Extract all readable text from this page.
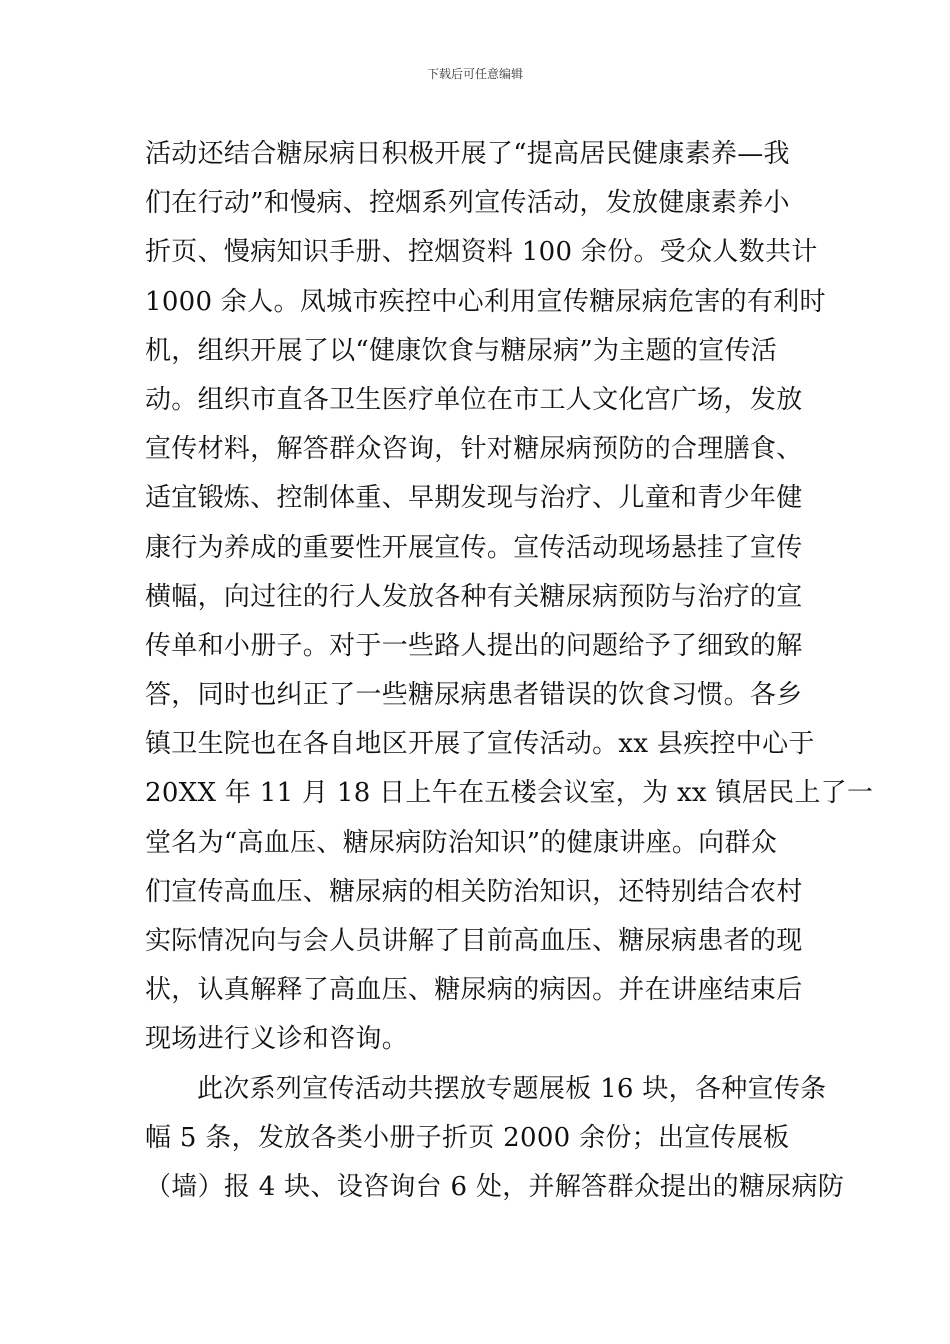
下载后可任意编辑
活动还结合糖尿病日积极开展了“提高居民健康素养—我
们在行动”和慢病、控烟系列宣传活动，发放健康素养小
折页、慢病知识手册、控烟资料 100 余份。受众人数共计
1000 余人。凤城市疾控中心利用宣传糖尿病危害的有利时
机，组织开展了以“健康饮食与糖尿病”为主题的宣传活
动。组织市直各卫生医疗单位在市工人文化宫广场，发放
宣传材料，解答群众咨询，针对糖尿病预防的合理膳食、
适宜锻炼、控制体重、早期发现与治疗、儿童和青少年健
康行为养成的重要性开展宣传。宣传活动现场悬挂了宣传
横幅，向过往的行人发放各种有关糖尿病预防与治疗的宣
传单和小册子。对于一些路人提出的问题给予了细致的解
答，同时也纠正了一些糖尿病患者错误的饮食习惯。各乡
镇卫生院也在各自地区开展了宣传活动。xx 县疾控中心于
20XX 年 11 月 18 日上午在五楼会议室，为 xx 镇居民上了一
堂名为“高血压、糖尿病防治知识”的健康讲座。向群众
们宣传高血压、糖尿病的相关防治知识，还特别结合农村
实际情况向与会人员讲解了目前高血压、糖尿病患者的现
状，认真解释了高血压、糖尿病的病因。并在讲座结束后
现场进行义诊和咨询。
此次系列宣传活动共摆放专题展板 16 块，各种宣传条
幅 5 条，发放各类小册子折页 2000 余份；出宣传展板
（墙）报 4 块、设咨询台 6 处，并解答群众提出的糖尿病防
